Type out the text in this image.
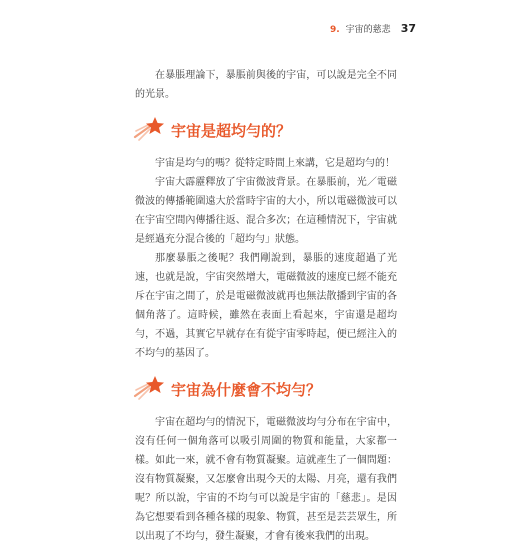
9. 宇宙的慈悲 37

在暴脹理論下，暴脹前與後的宇宙，可以說是完全不同的光景。

宇宙是超均勻的？

宇宙是均勻的嗎？從特定時間上來講，它是超均勻的！

宇宙大霹靂釋放了宇宙微波背景。在暴脹前，光／電磁微波的傳播範圍遠大於當時宇宙的大小，所以電磁微波可以在宇宙空間內傳播往返、混合多次；在這種情況下，宇宙就是經過充分混合後的「超均勻」狀態。

那麼暴脹之後呢？我們剛說到，暴脹的速度超過了光速，也就是說，宇宙突然增大，電磁微波的速度已經不能充斥在宇宙之間了，於是電磁微波就再也無法散播到宇宙的各個角落了。這時候，雖然在表面上看起來，宇宙還是超均勻，不過，其實它早就存在有從宇宙零時起，便已經注入的不均勻的基因了。

宇宙為什麼會不均勻？

宇宙在超均勻的情況下，電磁微波均勻分布在宇宙中，沒有任何一個角落可以吸引周圍的物質和能量，大家都一樣。如此一來，就不會有物質凝聚。這就產生了一個問題：沒有物質凝聚，又怎麼會出現今天的太陽、月亮，還有我們呢？所以說，宇宙的不均勻可以說是宇宙的「慈悲」。是因為它想要看到各種各樣的現象、物質，甚至是芸芸眾生，所以出現了不均勻，發生凝聚，才會有後來我們的出現。
